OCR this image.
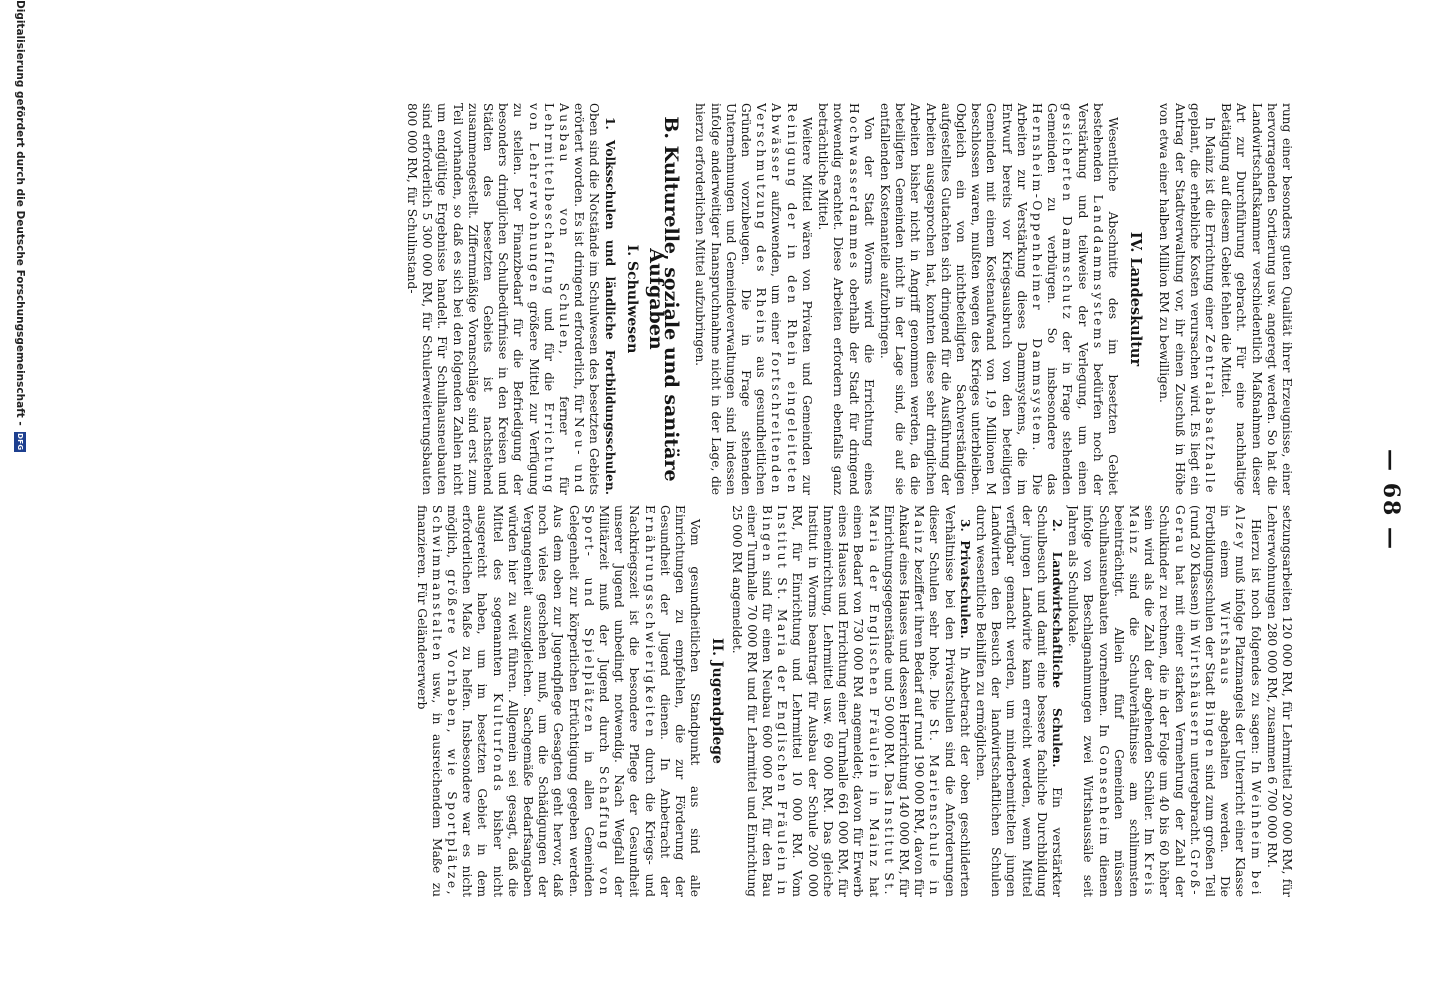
— 68 —

rung einer besonders guten Qualität ihrer Erzeugnisse, einer hervorragenden Sortierung usw. angeregt werden. So hat die Landwirtschaftskammer verschiedentlich Maßnahmen dieser Art zur Durchführung gebracht. Für eine nachhaltige Betätigung auf diesem Gebiet fehlen die Mittel.

In Mainz ist die Errichtung einer Zentralabsatzhalle geplant, die erhebliche Kosten verursachen wird. Es liegt ein Antrag der Stadtverwaltung vor, ihr einen Zuschuß in Höhe von etwa einer halben Million RM zu bewilligen.

IV. Landeskultur

Wesentliche Abschnitte des im besetzten Gebiet bestehenden Landdammsystems bedürfen noch der Verstärkung und teilweise der Verlegung, um einen gesicherten Dammschutz der in Frage stehenden Gemeinden zu verbürgen. So insbesondere das Hernsheim-Oppenheimer Dammsystem. Die Arbeiten zur Verstärkung dieses Dammsystems, die im Entwurf bereits vor Kriegsausbruch von den beteiligten Gemeinden mit einem Kostenaufwand von 1,9 Millionen M beschlossen waren, mußten wegen des Krieges unterbleiben. Obgleich ein von nichtbeteiligten Sachverständigen aufgestelltes Gutachten sich dringend für die Ausführung der Arbeiten ausgesprochen hat, konnten diese sehr dringlichen Arbeiten bisher nicht in Angriff genommen werden, da die beteiligten Gemeinden nicht in der Lage sind, die auf sie entfallenden Kostenanteile aufzubringen.

Von der Stadt Worms wird die Errichtung eines Hochwasserdammes oberhalb der Stadt für dringend notwendig erachtet. Diese Arbeiten erfordern ebenfalls ganz beträchtliche Mittel.

Weitere Mittel wären von Privaten und Gemeinden zur Reinigung der in den Rhein eingeleiteten Abwässer aufzuwenden, um einer fortschreitenden Verschmutzung des Rheins aus gesundheitlichen Gründen vorzubeugen. Die in Frage stehenden Unternehmungen und Gemeindeverwaltungen sind indessen infolge anderweitiger Inanspruchnahme nicht in der Lage, die hierzu erforderlichen Mittel aufzubringen.

B. Kulturelle, soziale und sanitäre Aufgaben
I. Schulwesen

1. Volksschulen und ländliche Fortbildungsschulen. Oben sind die Notstände im Schulwesen des besetzten Gebiets erörtert worden. Es ist dringend erforderlich, für Neu- und Ausbau von Schulen, ferner für Lehrmittelbeschaffung und für die Errichtung von Lehrerwohnungen größere Mittel zur Verfügung zu stellen. Der Finanzbedarf für die Befriedigung der besonders dringlichen Schulbedürfnisse in den Kreisen und Städten des besetzten Gebiets ist nachstehend zusammengestellt. Ziffernmäßige Voranschläge sind erst zum Teil vorhanden, so daß es sich bei den folgenden Zahlen nicht um endgültige Ergebnisse handelt. Für Schulhausneubauten sind erforderlich 5 300 000 RM, für Schulerweiterungsbauten 800 000 RM, für Schulinstand-

setzungsarbeiten 120 000 RM, für Lehrmittel 200 000 RM, für Lehrerwohnungen 280 000 RM, zusammen 6 700 000 RM.

Hierzu ist noch folgendes zu sagen: In Weinheim bei Alzey muß infolge Platzmangels der Unterricht einer Klasse in einem Wirtshaus abgehalten werden. Die Fortbildungsschulen der Stadt Bingen sind zum großen Teil (rund 20 Klassen) in Wirtshäusern untergebracht. Groß-Gerau hat mit einer starken Vermehrung der Zahl der Schulkinder zu rechnen, die in der Folge um 40 bis 60 höher sein wird als die Zahl der abgehenden Schüler. Im Kreis Mainz sind die Schulverhältnisse am schlimmsten beeinträchtigt. Allein fünf Gemeinden müssen Schulhausneubauten vornehmen. In Gonsenheim dienen infolge von Beschlagnahmungen zwei Wirtshaussäle seit Jahren als Schullokale.

2. Landwirtschaftliche Schulen. Ein verstärkter Schulbesuch und damit eine bessere fachliche Durchbildung der jungen Landwirte kann erreicht werden, wenn Mittel verfügbar gemacht werden, um minderbemittelten jungen Landwirten den Besuch der landwirtschaftlichen Schulen durch wesentliche Beihilfen zu ermöglichen.

3. Privatschulen. In Anbetracht der oben geschilderten Verhältnisse bei den Privatschulen sind die Anforderungen dieser Schulen sehr hohe. Die St. Marienschule in Mainz beziffert ihren Bedarf auf rund 190 000 RM, davon für Ankauf eines Hauses und dessen Herrichtung 140 000 RM, für Einrichtungsgegenstände und 50 000 RM. Das Institut St. Maria der Englischen Fräulein in Mainz hat einen Bedarf von 730 000 RM angemeldet; davon für Erwerb eines Hauses und Errichtung einer Turnhalle 661 000 RM, für Inneneinrichtung, Lehrmittel usw. 69 000 RM. Das gleiche Institut in Worms beantragt für Ausbau der Schule 200 000 RM, für Einrichtung und Lehrmittel 10 000 RM. Vom Institut St. Maria der Englischen Fräulein in Bingen sind für einen Neubau 600 000 RM, für den Bau einer Turnhalle 70 000 RM und für Lehrmittel und Einrichtung 25 000 RM angemeldet.

II. Jugendpflege

Vom gesundheitlichen Standpunkt aus sind alle Einrichtungen zu empfehlen, die zur Förderung der Gesundheit der Jugend dienen. In Anbetracht der Ernährungsschwierigkeiten durch die Kriegs- und Nachkriegszeit ist die besondere Pflege der Gesundheit unserer Jugend unbedingt notwendig. Nach Wegfall der Militärzeit muß der Jugend durch Schaffung von Sport- und Spielplätzen in allen Gemeinden Gelegenheit zur körperlichen Ertüchtigung gegeben werden. Aus dem oben zur Jugendpflege Gesagten geht hervor, daß noch vieles geschehen muß, um die Schädigungen der Vergangenheit auszugleichen. Sachgemäße Bedarfsangaben würden hier zu weit führen. Allgemein sei gesagt, daß die Mittel des sogenannten Kulturfonds bisher nicht ausgereicht haben, um im besetzten Gebiet in dem erforderlichen Maße zu helfen. Insbesondere war es nicht möglich, größere Vorhaben, wie Sportplätze, Schwimmanstalten usw., in ausreichendem Maße zu finanzieren. Für Geländererwerb

Digitalisierung gefördert durch die Deutsche Forschungsgemeinschaft -
DFG
